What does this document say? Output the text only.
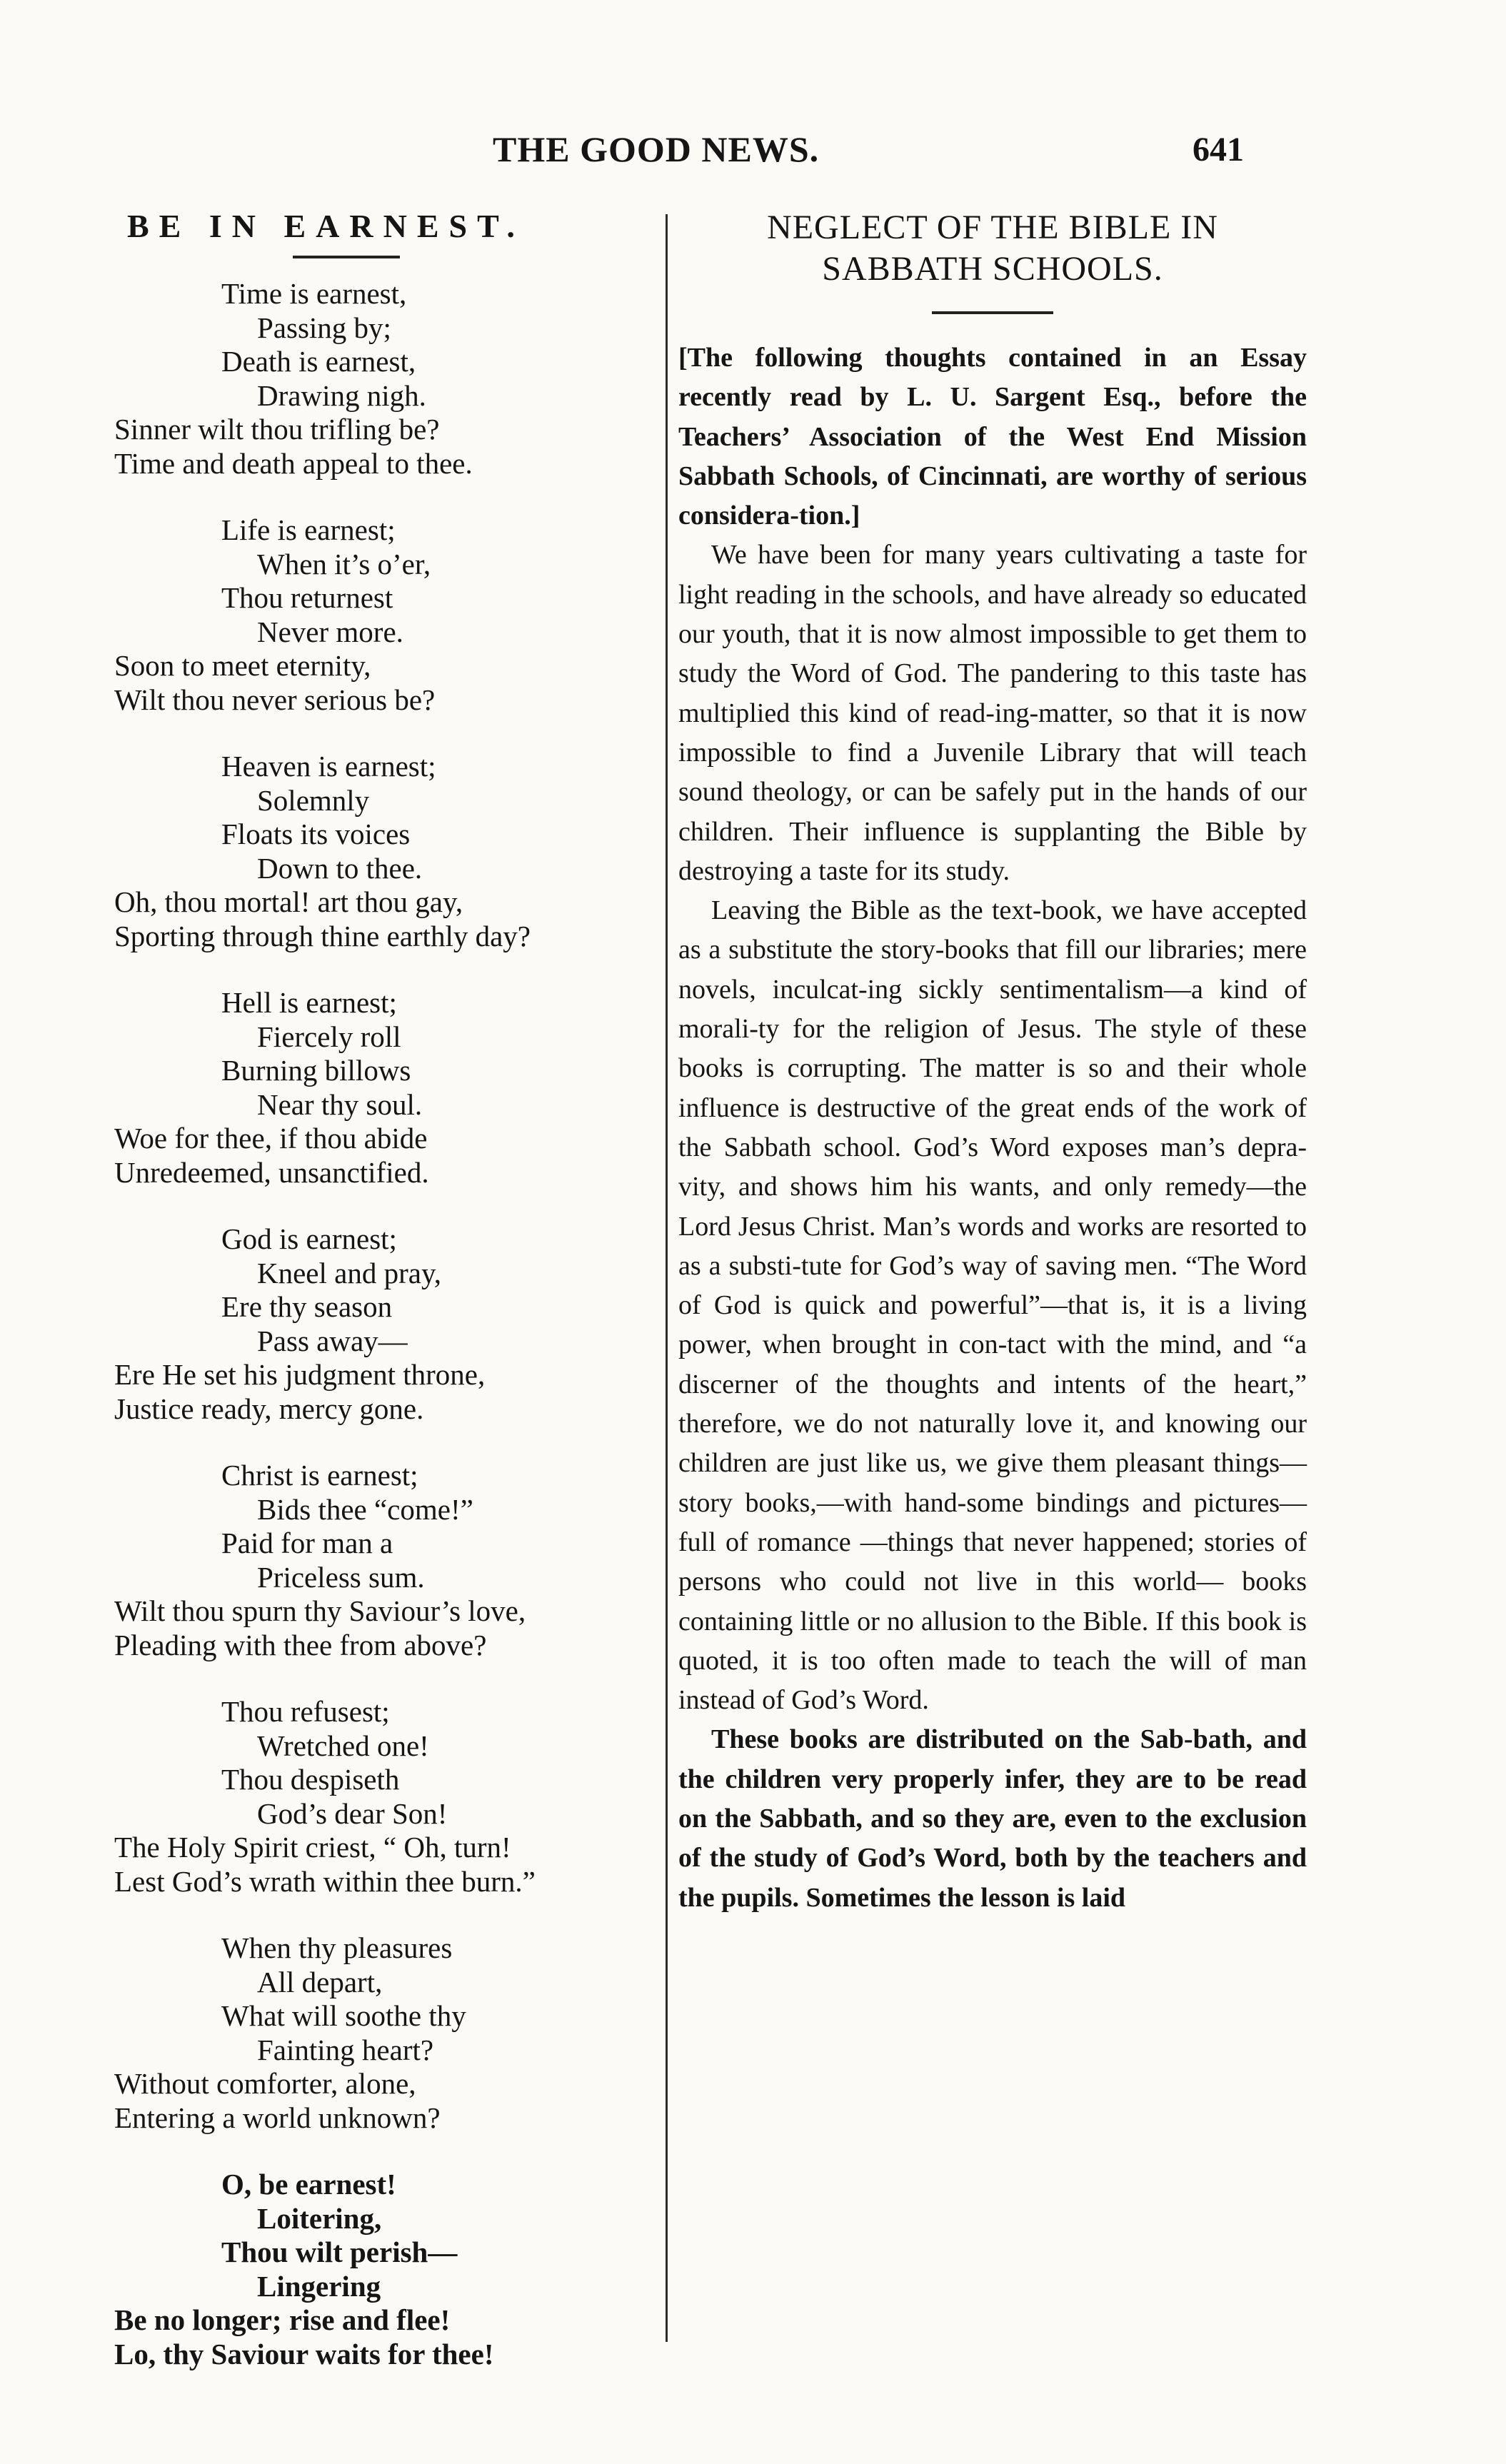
THE GOOD NEWS.	641
BE IN EARNEST.
Time is earnest,
Passing by;
Death is earnest,
Drawing nigh.
Sinner wilt thou trifling be?
Time and death appeal to thee.
Life is earnest;
When it’s o’er,
Thou returnest
Never more.
Soon to meet eternity,
Wilt thou never serious be?
Heaven is earnest;
Solemnly
Floats its voices
Down to thee.
Oh, thou mortal! art thou gay,
Sporting through thine earthly day?
Hell is earnest;
Fiercely roll
Burning billows
Near thy soul.
Woe for thee, if thou abide
Unredeemed, unsanctified.
God is earnest;
Kneel and pray,
Ere thy season
Pass away—
Ere He set his judgment throne,
Justice ready, mercy gone.
Christ is earnest;
Bids thee “come!”
Paid for man a
Priceless sum.
Wilt thou spurn thy Saviour’s love,
Pleading with thee from above?
Thou refusest;
Wretched one!
Thou despiseth
God’s dear Son!
The Holy Spirit criest, “ Oh, turn!
Lest God’s wrath within thee burn.”
When thy pleasures
All depart,
What will soothe thy
Fainting heart?
Without comforter, alone,
Entering a world unknown?
O, be earnest!
Loitering,
Thou wilt perish—
Lingering
Be no longer; rise and flee!
Lo, thy Saviour waits for thee!
NEGLECT OF THE BIBLE IN
SABBATH SCHOOLS.

[The following thoughts contained in an Essay recently read by L. U. Sargent Esq., before the Teachers’ Association of the West End Mission Sabbath Schools, of Cincinnati, are worthy of serious considera-tion.]

We have been for many years cultivating a taste for light reading in the schools, and have already so educated our youth, that it is now almost impossible to get them to study the Word of God. The pandering to this taste has multiplied this kind of read-ing-matter, so that it is now impossible to find a Juvenile Library that will teach sound theology, or can be safely put in the hands of our children. Their influence is supplanting the Bible by destroying a taste for its study.

Leaving the Bible as the text-book, we have accepted as a substitute the story-books that fill our libraries; mere novels, inculcat-ing sickly sentimentalism—a kind of morali-ty for the religion of Jesus. The style of these books is corrupting. The matter is so and their whole influence is destructive of the great ends of the work of the Sabbath school. God’s Word exposes man’s depra-vity, and shows him his wants, and only remedy—the Lord Jesus Christ. Man’s words and works are resorted to as a substi-tute for God’s way of saving men. “The Word of God is quick and powerful”—that is, it is a living power, when brought in con-tact with the mind, and “a discerner of the thoughts and intents of the heart,” therefore, we do not naturally love it, and knowing our children are just like us, we give them pleasant things—story books,—with hand-some bindings and pictures—full of romance —things that never happened; stories of persons who could not live in this world— books containing little or no allusion to the Bible. If this book is quoted, it is too often made to teach the will of man instead of God’s Word.

These books are distributed on the Sab-bath, and the children very properly infer, they are to be read on the Sabbath, and so they are, even to the exclusion of the study of God’s Word, both by the teachers and the pupils. Sometimes the lesson is laid
